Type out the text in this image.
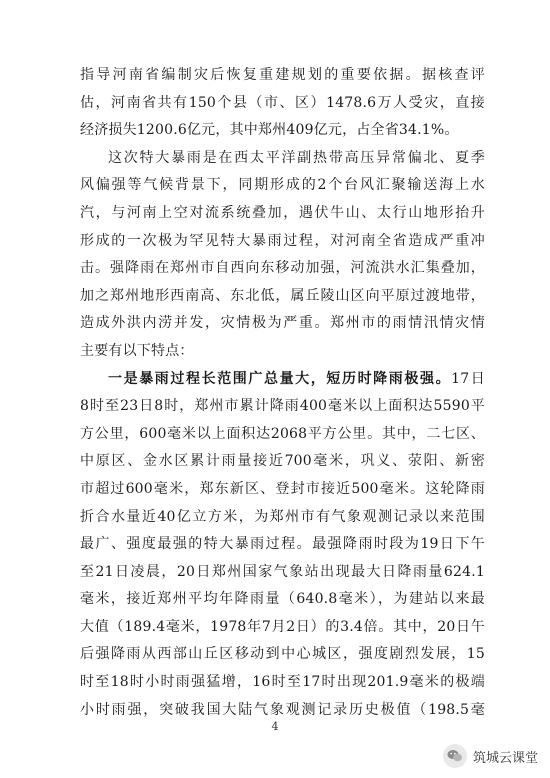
指导河南省编制灾后恢复重建规划的重要依据。据核查评
估，河南省共有150个县（市、区）1478.6万人受灾，直接
经济损失1200.6亿元，其中郑州409亿元，占全省34.1%。
这次特大暴雨是在西太平洋副热带高压异常偏北、夏季
风偏强等气候背景下，同期形成的2个台风汇聚输送海上水
汽，与河南上空对流系统叠加，遇伏牛山、太行山地形抬升
形成的一次极为罕见特大暴雨过程，对河南全省造成严重冲
击。强降雨在郑州市自西向东移动加强，河流洪水汇集叠加，
加之郑州地形西南高、东北低，属丘陵山区向平原过渡地带，
造成外洪内涝并发，灾情极为严重。郑州市的雨情汛情灾情
主要有以下特点：
一是暴雨过程长范围广总量大，短历时降雨极强。17日
8时至23日8时，郑州市累计降雨400毫米以上面积达5590平
方公里，600毫米以上面积达2068平方公里。其中，二七区、
中原区、金水区累计雨量接近700毫米，巩义、荥阳、新密
市超过600毫米，郑东新区、登封市接近500毫米。这轮降雨
折合水量近40亿立方米，为郑州市有气象观测记录以来范围
最广、强度最强的特大暴雨过程。最强降雨时段为19日下午
至21日凌晨，20日郑州国家气象站出现最大日降雨量624.1
毫米，接近郑州平均年降雨量（640.8毫米），为建站以来最
大值（189.4毫米，1978年7月2日）的3.4倍。其中，20日午
后强降雨从西部山丘区移动到中心城区，强度剧烈发展，15
时至18时小时雨强猛增，16时至17时出现201.9毫米的极端
小时雨强，突破我国大陆气象观测记录历史极值（198.5毫
4
筑城云课堂
